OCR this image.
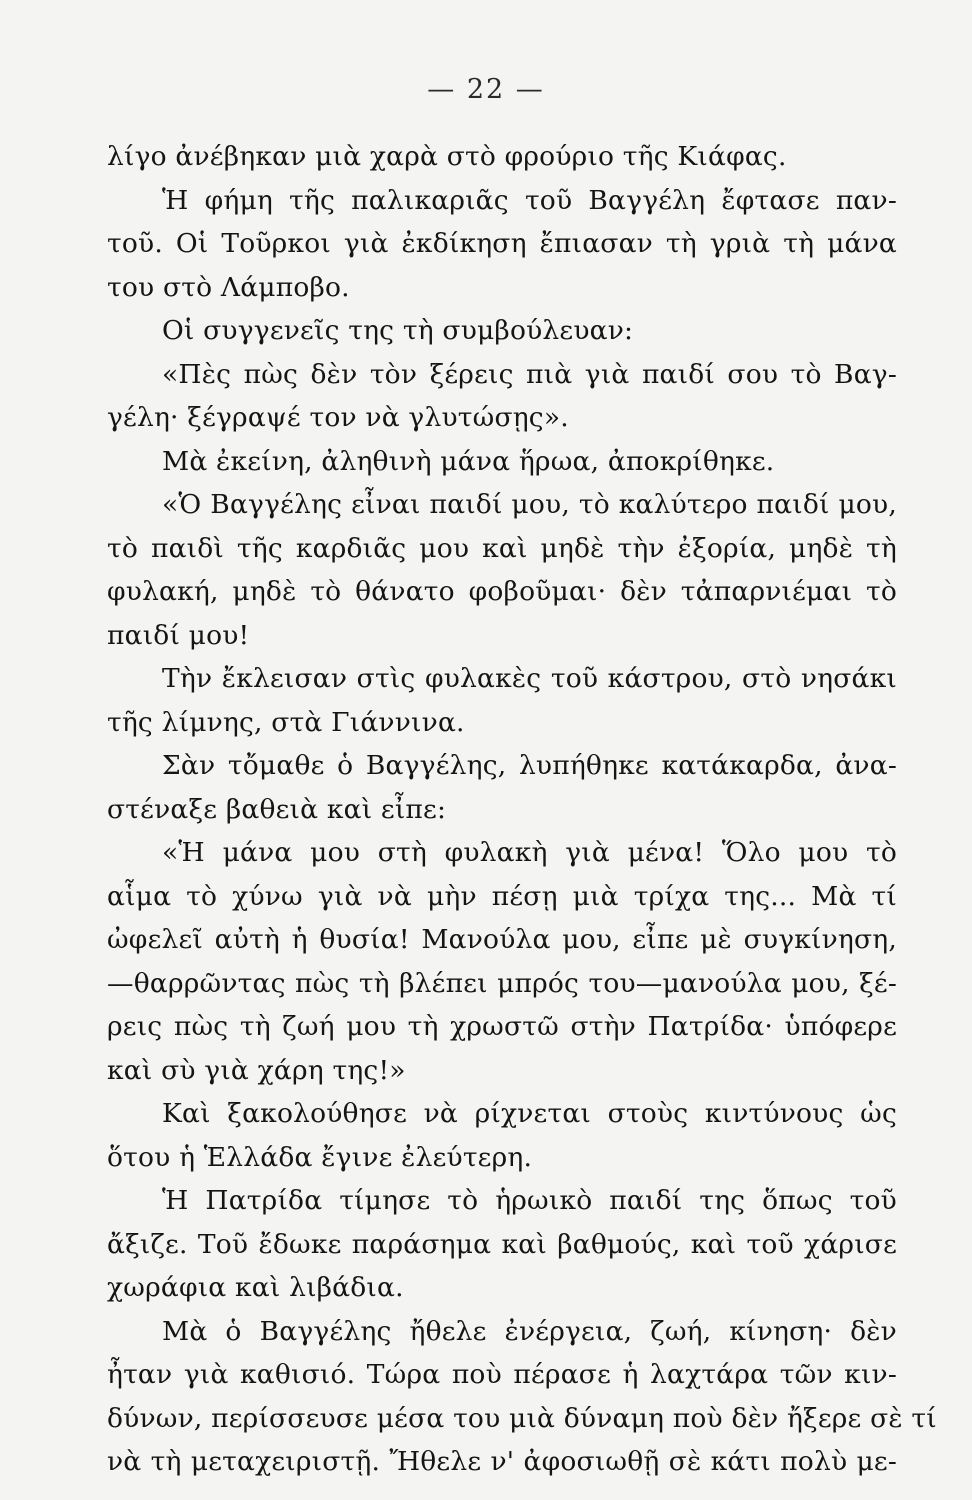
— 22 —
λίγο ἀνέβηκαν μιὰ χαρὰ στὸ φρούριο τῆς Κιάφας.
Ἡ φήμη τῆς παλικαριᾶς τοῦ Βαγγέλη ἔφτασε παν-
τοῦ. Οἱ Τοῦρκοι γιὰ ἐκδίκηση ἔπιασαν τὴ γριὰ τὴ μάνα
του στὸ Λάμποβο.
Οἱ συγγενεῖς της τὴ συμβούλευαν:
«Πὲς πὼς δὲν τὸν ξέρεις πιὰ γιὰ παιδί σου τὸ Βαγ-
γέλη· ξέγραψέ τον νὰ γλυτώσῃς».
Μὰ ἐκείνη, ἀληθινὴ μάνα ἥρωα, ἀποκρίθηκε.
«Ὁ Βαγγέλης εἶναι παιδί μου, τὸ καλύτερο παιδί μου,
τὸ παιδὶ τῆς καρδιᾶς μου καὶ μηδὲ τὴν ἐξορία, μηδὲ τὴ
φυλακή, μηδὲ τὸ θάνατο φοβοῦμαι· δὲν τἀπαρνιέμαι τὸ
παιδί μου!
Τὴν ἔκλεισαν στὶς φυλακὲς τοῦ κάστρου, στὸ νησάκι
τῆς λίμνης, στὰ Γιάννινα.
Σὰν τὄμαθε ὁ Βαγγέλης, λυπήθηκε κατάκαρδα, ἀνα-
στέναξε βαθειὰ καὶ εἶπε:
«Ἡ μάνα μου στὴ φυλακὴ γιὰ μένα! Ὅλο μου τὸ
αἷμα τὸ χύνω γιὰ νὰ μὴν πέσῃ μιὰ τρίχα της... Μὰ τί
ὠφελεῖ αὐτὴ ἡ θυσία! Μανούλα μου, εἶπε μὲ συγκίνηση,
—θαρρῶντας πὼς τὴ βλέπει μπρός του—μανούλα μου, ξέ-
ρεις πὼς τὴ ζωή μου τὴ χρωστῶ στὴν Πατρίδα· ὑπόφερε
καὶ σὺ γιὰ χάρη της!»
Καὶ ξακολούθησε νὰ ρίχνεται στοὺς κιντύνους ὡς
ὅτου ἡ Ἑλλάδα ἔγινε ἐλεύτερη.
Ἡ Πατρίδα τίμησε τὸ ἡρωικὸ παιδί της ὅπως τοῦ
ἄξιζε. Τοῦ ἔδωκε παράσημα καὶ βαθμούς, καὶ τοῦ χάρισε
χωράφια καὶ λιβάδια.
Μὰ ὁ Βαγγέλης ἤθελε ἐνέργεια, ζωή, κίνηση· δὲν
ἦταν γιὰ καθισιό. Τώρα ποὺ πέρασε ἡ λαχτάρα τῶν κιν-
δύνων, περίσσευσε μέσα του μιὰ δύναμη ποὺ δὲν ἤξερε σὲ τί
νὰ τὴ μεταχειριστῇ. Ἤθελε ν' ἀφοσιωθῇ σὲ κάτι πολὺ με-
